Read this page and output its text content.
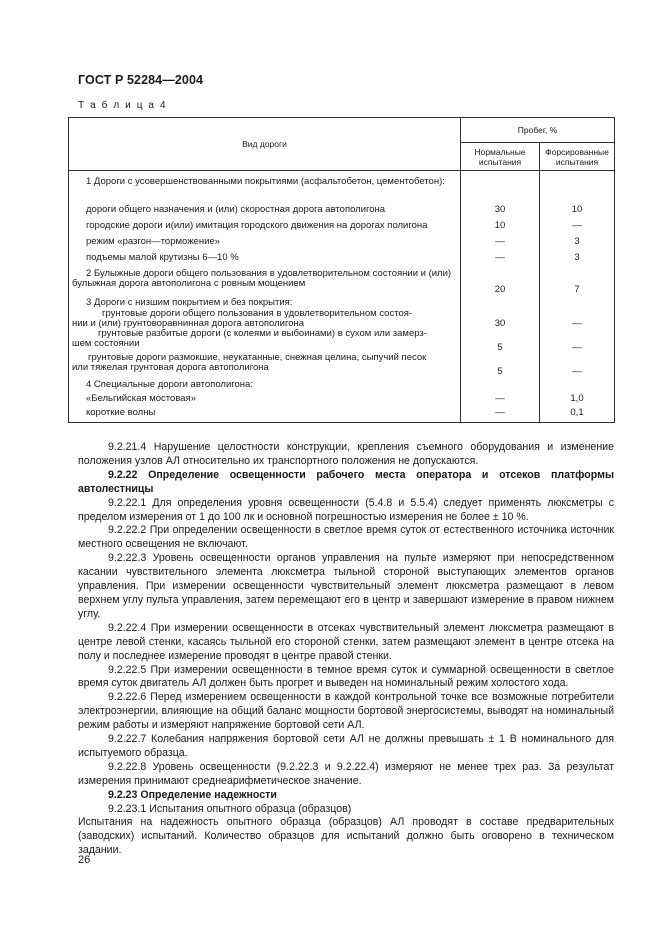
ГОСТ Р 52284—2004
Т а б л и ц а 4
Вид дороги	Пробег, %	
	Нормальные испытания	Форсированные испытания
1 Дороги с усовершенствованными покрытиями (асфальтобетон, цементобетон):		
дороги общего назначения и (или) скоростная дорога автополигона	30	10
городские дороги и(или) имитация городского движения на дорогах полигона	10	—
режим «разгон—торможение»	—	3
подъемы малой крутизны 6—10 %	—	3
2 Булыжные дороги общего пользования в удовлетворительном состоянии и (или) булыжная дорога автополигона с ровным мощением	20	7
3 Дороги с низшим покрытием и без покрытия:		

грунтовые дороги общего пользования в удовлетворительном состоя-
нии и (или) грунтоворавнинная дорога автополигона	30	—

грунтовые разбитые дороги (с колеями и выбоинами) в сухом или замерз-
шем состоянии	5	—

грунтовые дороги размокшие, неукатанные, снежная целина, сыпучий песок
или тяжелая грунтовая дорога автополигона	5	—
4 Специальные дороги автополигона:		
«Бельгийская мостовая»	—	1,0
короткие волны	—	0,1

9.2.21.4 Нарушение целостности конструкции, крепления съемного оборудования и изменение положения узлов АЛ относительно их транспортного положения не допускаются.

9.2.22 Определение освещенности рабочего места оператора и отсеков платформы автолестницы

9.2.22.1 Для определения уровня освещенности (5.4.8 и 5.5.4) следует применять люксметры с пределом измерения от 1 до 100 лк и основной погрешностью измерения не более ± 10 %.

9.2.22.2 При определении освещенности в светлое время суток от естественного источника источник местного освещения не включают.

9.2.22.3 Уровень освещенности органов управления на пульте измеряют при непосредственном касании чувствительного элемента люксметра тыльной стороной выступающих элементов органов управления. При измерении освещенности чувствительный элемент люксметра размещают в левом верхнем углу пульта управления, затем перемещают его в центр и завершают измерение в правом нижнем углу.

9.2.22.4 При измерении освещенности в отсеках чувствительный элемент люксметра размещают в центре левой стенки, касаясь тыльной его стороной стенки, затем размещают элемент в центре отсека на полу и последнее измерение проводят в центре правой стенки.

9.2.22.5 При измерении освещенности в темное время суток и суммарной освещенности в светлое время суток двигатель АЛ должен быть прогрет и выведен на номинальный режим холостого хода.

9.2.22.6 Перед измерением освещенности в каждой контрольной точке все возможные потребители электроэнергии, влияющие на общий баланс мощности бортовой энергосистемы, выводят на номинальный режим работы и измеряют напряжение бортовой сети АЛ.

9.2.22.7 Колебания напряжения бортовой сети АЛ не должны превышать ± 1 В номинального для испытуемого образца.

9.2.22.8 Уровень освещенности (9.2.22.3 и 9.2.22.4) измеряют не менее трех раз. За результат измерения принимают среднеарифметическое значение.

9.2.23 Определение надежности

9.2.23.1 Испытания опытного образца (образцов)

Испытания на надежность опытного образца (образцов) АЛ проводят в составе предварительных (заводских) испытаний. Количество образцов для испытаний должно быть оговорено в техническом задании.

26
